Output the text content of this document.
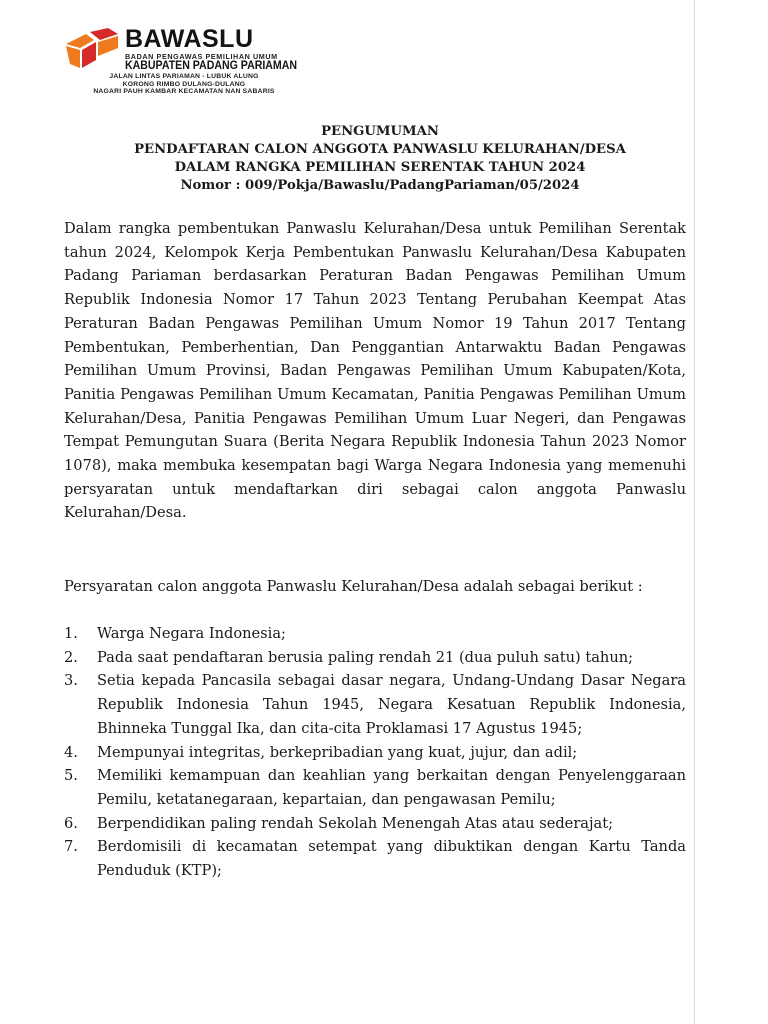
BAWASLU
BADAN PENGAWAS PEMILIHAN UMUM
KABUPATEN PADANG PARIAMAN
JALAN LINTAS PARIAMAN - LUBUK ALUNG
KORONG RIMBO DULANG-DULANG
NAGARI PAUH KAMBAR KECAMATAN NAN SABARIS
PENGUMUMAN
PENDAFTARAN CALON ANGGOTA PANWASLU KELURAHAN/DESA
DALAM RANGKA PEMILIHAN SERENTAK TAHUN 2024
Nomor : 009/Pokja/Bawaslu/PadangPariaman/05/2024

Dalam rangka pembentukan Panwaslu Kelurahan/Desa untuk Pemilihan Serentak tahun 2024, Kelompok Kerja Pembentukan Panwaslu Kelurahan/Desa Kabupaten Padang Pariaman berdasarkan Peraturan Badan Pengawas Pemilihan Umum Republik Indonesia Nomor 17 Tahun 2023 Tentang Perubahan Keempat Atas Peraturan Badan Pengawas Pemilihan Umum Nomor 19 Tahun 2017 Tentang Pembentukan, Pemberhentian, Dan Penggantian Antarwaktu Badan Pengawas Pemilihan Umum Provinsi, Badan Pengawas Pemilihan Umum Kabupaten/Kota, Panitia Pengawas Pemilihan Umum Kecamatan, Panitia Pengawas Pemilihan Umum Kelurahan/Desa, Panitia Pengawas Pemilihan Umum Luar Negeri, dan Pengawas Tempat Pemungutan Suara (Berita Negara Republik Indonesia Tahun 2023 Nomor 1078), maka membuka kesempatan bagi Warga Negara Indonesia yang memenuhi persyaratan untuk mendaftarkan diri sebagai calon anggota Panwaslu Kelurahan/Desa.

Persyaratan calon anggota Panwaslu Kelurahan/Desa adalah sebagai berikut :

1. Warga Negara Indonesia;
2. Pada saat pendaftaran berusia paling rendah 21 (dua puluh satu) tahun;
3. Setia kepada Pancasila sebagai dasar negara, Undang-Undang Dasar Negara Republik Indonesia Tahun 1945, Negara Kesatuan Republik Indonesia, Bhinneka Tunggal Ika, dan cita-cita Proklamasi 17 Agustus 1945;
4. Mempunyai integritas, berkepribadian yang kuat, jujur, dan adil;
5. Memiliki kemampuan dan keahlian yang berkaitan dengan Penyelenggaraan Pemilu, ketatanegaraan, kepartaian, dan pengawasan Pemilu;
6. Berpendidikan paling rendah Sekolah Menengah Atas atau sederajat;
7. Berdomisili di kecamatan setempat yang dibuktikan dengan Kartu Tanda Penduduk (KTP);
